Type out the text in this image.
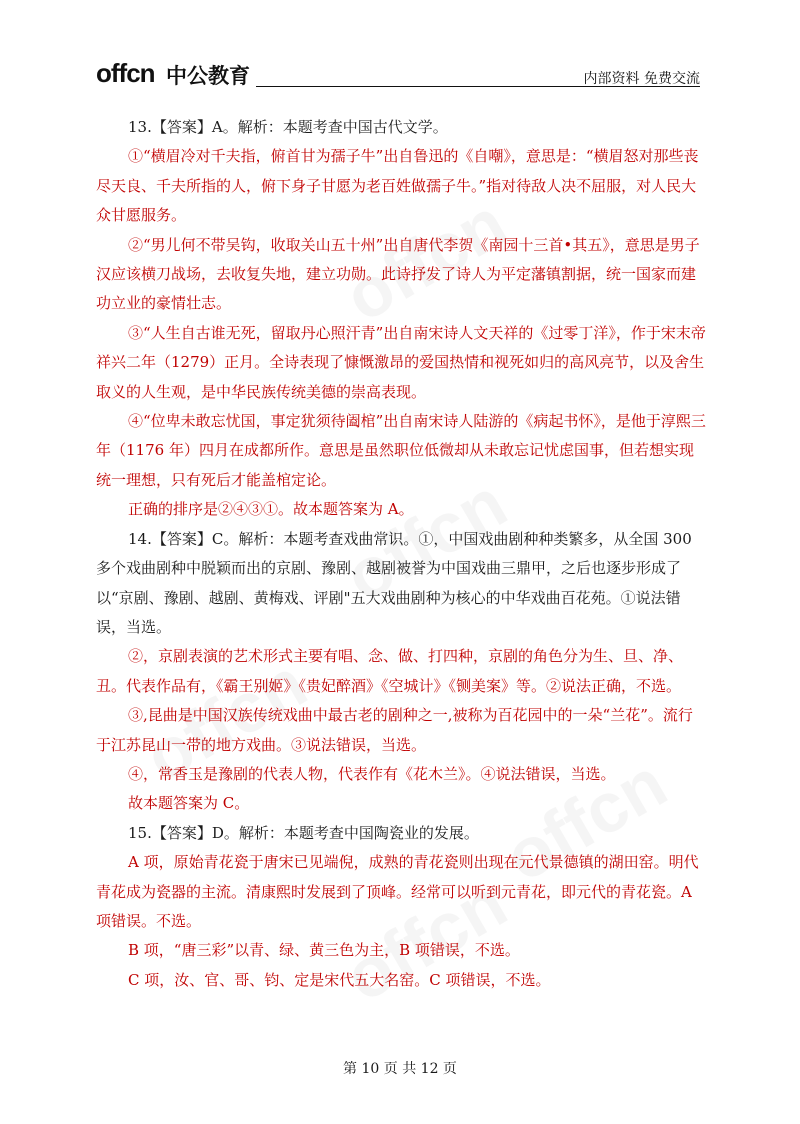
offcn 中公教育	内部资料 免费交流

13.【答案】A。解析：本题考查中国古代文学。

①“横眉冷对千夫指，俯首甘为孺子牛”出自鲁迅的《自嘲》，意思是：“横眉怒对那些丧尽天良、千夫所指的人，俯下身子甘愿为老百姓做孺子牛。”指对待敌人决不屈服，对人民大众甘愿服务。

②“男儿何不带吴钩，收取关山五十州”出自唐代李贺《南园十三首•其五》，意思是男子汉应该横刀战场，去收复失地，建立功勋。此诗抒发了诗人为平定藩镇割据，统一国家而建功立业的豪情壮志。

③“人生自古谁无死，留取丹心照汗青”出自南宋诗人文天祥的《过零丁洋》，作于宋末帝祥兴二年（1279）正月。全诗表现了慷慨激昂的爱国热情和视死如归的高风亮节，以及舍生取义的人生观，是中华民族传统美德的崇高表现。

④“位卑未敢忘忧国，事定犹须待阖棺”出自南宋诗人陆游的《病起书怀》，是他于淳熙三年（1176 年）四月在成都所作。意思是虽然职位低微却从未敢忘记忧虑国事，但若想实现统一理想，只有死后才能盖棺定论。

正确的排序是②④③①。故本题答案为 A。

14.【答案】C。解析：本题考查戏曲常识。①，中国戏曲剧种种类繁多，从全国 300 多个戏曲剧种中脱颖而出的京剧、豫剧、越剧被誉为中国戏曲三鼎甲，之后也逐步形成了以“京剧、豫剧、越剧、黄梅戏、评剧"五大戏曲剧种为核心的中华戏曲百花苑。①说法错误，当选。

②，京剧表演的艺术形式主要有唱、念、做、打四种，京剧的角色分为生、旦、净、丑。代表作品有，《霸王别姬》《贵妃醉酒》《空城计》《铡美案》等。②说法正确，不选。

③,昆曲是中国汉族传统戏曲中最古老的剧种之一,被称为百花园中的一朵“兰花”。流行于江苏昆山一带的地方戏曲。③说法错误，当选。

④，常香玉是豫剧的代表人物，代表作有《花木兰》。④说法错误，当选。

故本题答案为 C。

15.【答案】D。解析：本题考查中国陶瓷业的发展。

A 项，原始青花瓷于唐宋已见端倪，成熟的青花瓷则出现在元代景德镇的湖田窑。明代青花成为瓷器的主流。清康熙时发展到了顶峰。经常可以听到元青花，即元代的青花瓷。A 项错误。不选。

B 项，“唐三彩”以青、绿、黄三色为主，B 项错误，不选。

C 项，汝、官、哥、钧、定是宋代五大名窑。C 项错误，不选。

第 10 页 共 12 页
